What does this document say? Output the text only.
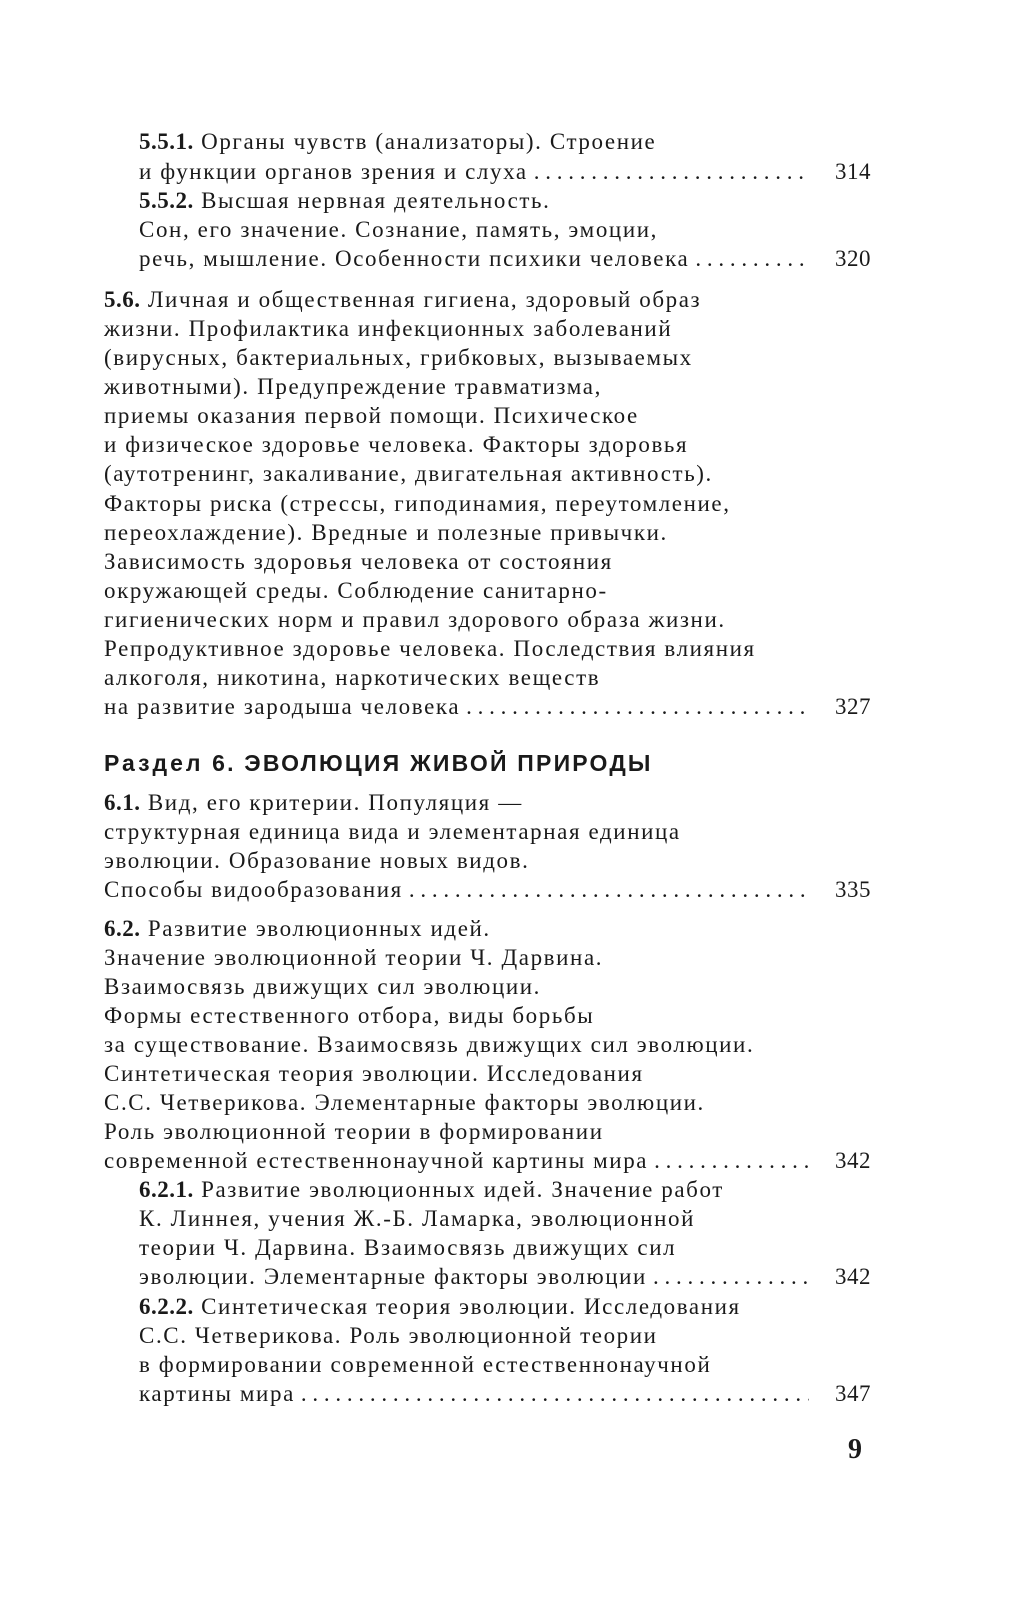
5.5.1. Органы чувств (анализаторы). Строение
и функции органов зрения и слуха . . .	314
5.5.2. Высшая нервная деятельность.
Сон, его значение. Сознание, память, эмоции,
речь, мышление. Особенности психики человека . . .	320
5.6. Личная и общественная гигиена, здоровый образ
жизни. Профилактика инфекционных заболеваний
(вирусных, бактериальных, грибковых, вызываемых
животными). Предупреждение травматизма,
приемы оказания первой помощи. Психическое
и физическое здоровье человека. Факторы здоровья
(аутотренинг, закаливание, двигательная активность).
Факторы риска (стрессы, гиподинамия, переутомление,
переохлаждение). Вредные и полезные привычки.
Зависимость здоровья человека от состояния
окружающей среды. Соблюдение санитарно-
гигиенических норм и правил здорового образа жизни.
Репродуктивное здоровье человека. Последствия влияния
алкоголя, никотина, наркотических веществ
на развитие зародыша человека . . .	327
Раздел 6. ЭВОЛЮЦИЯ ЖИВОЙ ПРИРОДЫ
6.1. Вид, его критерии. Популяция —
структурная единица вида и элементарная единица
эволюции. Образование новых видов.
Способы видообразования . . .	335
6.2. Развитие эволюционных идей.
Значение эволюционной теории Ч. Дарвина.
Взаимосвязь движущих сил эволюции.
Формы естественного отбора, виды борьбы
за существование. Взаимосвязь движущих сил эволюции.
Синтетическая теория эволюции. Исследования
С.С. Четверикова. Элементарные факторы эволюции.
Роль эволюционной теории в формировании
современной естественнонаучной картины мира . . .	342
6.2.1. Развитие эволюционных идей. Значение работ
К. Линнея, учения Ж.-Б. Ламарка, эволюционной
теории Ч. Дарвина. Взаимосвязь движущих сил
эволюции. Элементарные факторы эволюции . . .	342
6.2.2. Синтетическая теория эволюции. Исследования
С.С. Четверикова. Роль эволюционной теории
в формировании современной естественнонаучной
картины мира . . .	347
9
